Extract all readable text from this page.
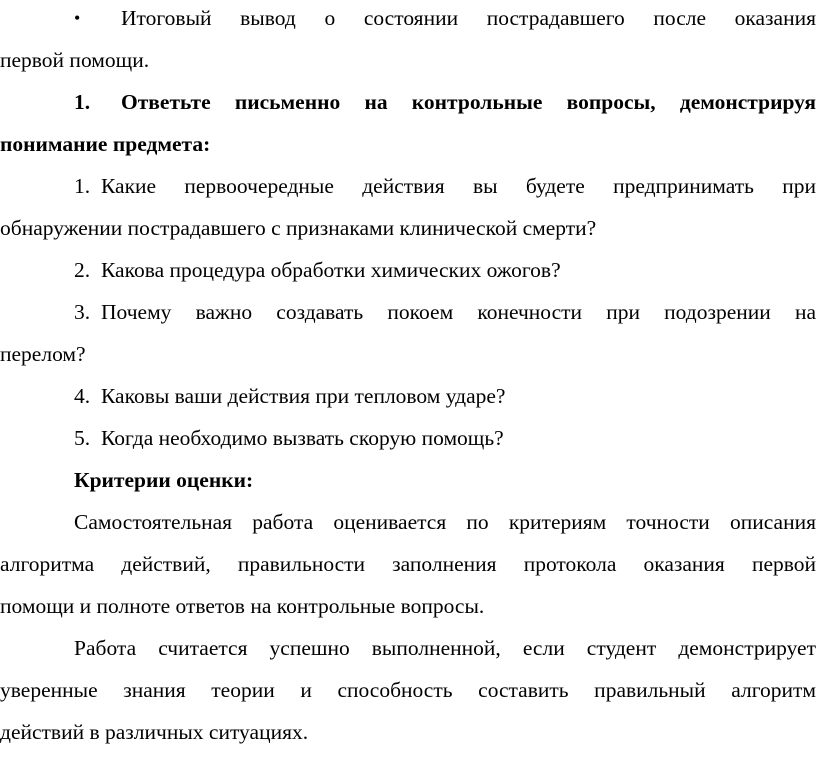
• Итоговый вывод о состоянии пострадавшего после оказания
первой помощи.
1. Ответьте письменно на контрольные вопросы, демонстрируя
понимание предмета:
1. Какие первоочередные действия вы будете предпринимать при
обнаружении пострадавшего с признаками клинической смерти?
2. Какова процедура обработки химических ожогов?
3. Почему важно создавать покоем конечности при подозрении на
перелом?
4. Каковы ваши действия при тепловом ударе?
5. Когда необходимо вызвать скорую помощь?
Критерии оценки:
Самостоятельная работа оценивается по критериям точности описания
алгоритма действий, правильности заполнения протокола оказания первой
помощи и полноте ответов на контрольные вопросы.
Работа считается успешно выполненной, если студент демонстрирует
уверенные знания теории и способность составить правильный алгоритм
действий в различных ситуациях.
